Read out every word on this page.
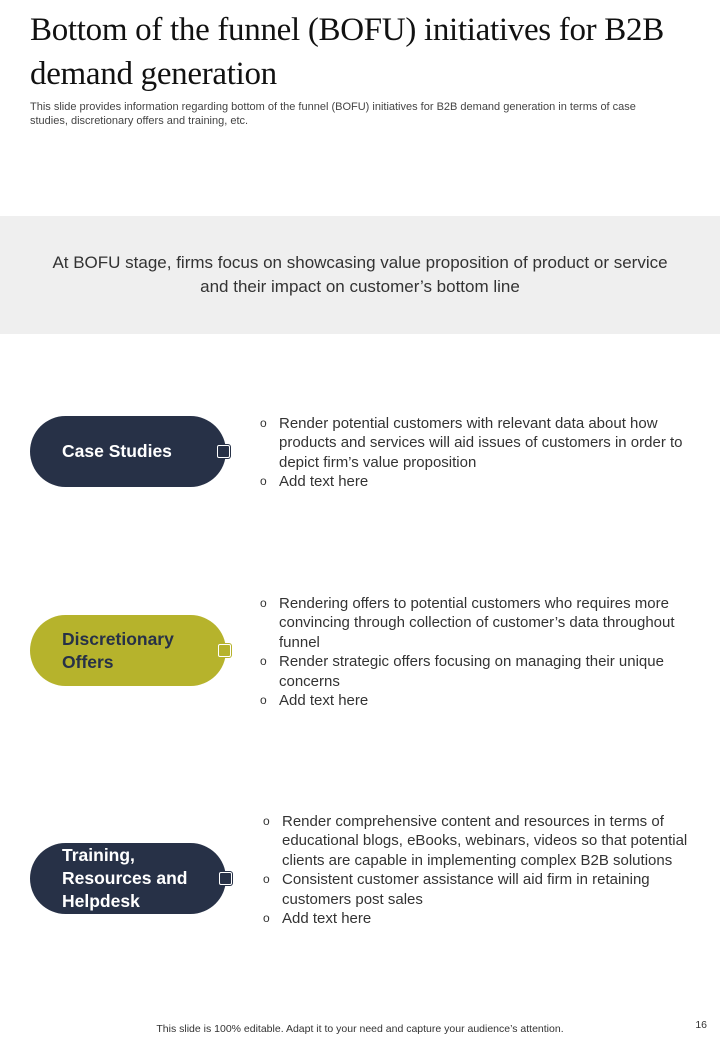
Bottom of the funnel (BOFU) initiatives for B2B demand generation

This slide provides information regarding bottom of the funnel (BOFU) initiatives for B2B demand generation in terms of case studies, discretionary offers and training, etc.

At BOFU stage, firms focus on showcasing value proposition of product or service and their impact on customer’s bottom line

Case Studies
o Render potential customers with relevant data about how products and services will aid issues of customers in order to depict firm’s value proposition
o Add text here
Discretionary Offers
o Rendering offers to potential customers who requires more convincing through collection of customer’s data throughout funnel
o Render strategic offers focusing on managing their unique concerns
o Add text here
Training, Resources and Helpdesk
o Render comprehensive content and resources in terms of educational blogs, eBooks, webinars, videos so that potential clients are capable in implementing complex B2B solutions
o Consistent customer assistance will aid firm in retaining customers post sales
o Add text here
This slide is 100% editable. Adapt it to your need and capture your audience’s attention.	16
